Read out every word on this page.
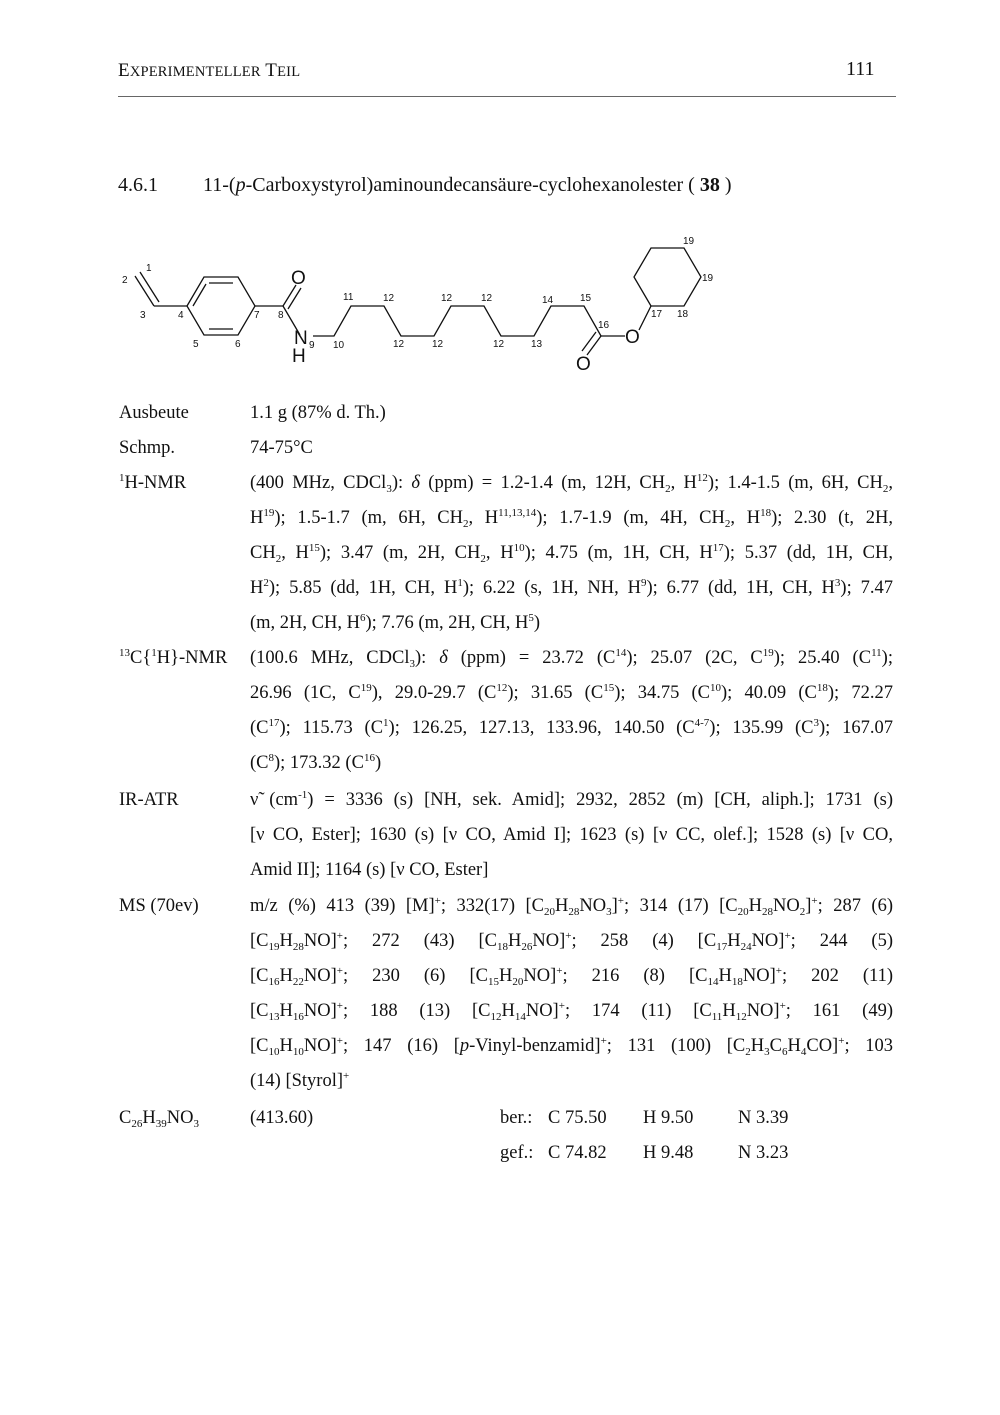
EXPERIMENTELLER TEIL	111
4.6.1 11-(p-Carboxystyrol)aminoundecansäure-cyclohexanolester ( 38 )
O
N
H
O
O
1
2
3	4
5	6
7 8
9 10
11	12	12	12
12	12	12	13
14	15
16
17 18
19
19
Ausbeute	1.1 g (87% d. Th.)
Schmp.	74-75°C
$^1$H-NMR	(400 MHz, CDCl$_3$): δ (ppm) = 1.2-1.4 (m, 12H, $CH_2$, $H^{12}$); 1.4-1.5 (m, 6H, $CH_2$,
$H^{19}$); 1.5-1.7 (m, 6H, $CH_2$, H$^{11,13,14}$); 1.7-1.9 (m, 4H, $CH_2$, $H^{18}$); 2.30 (t, 2H,
$CH_2$, $H^{15}$); 3.47 (m, 2H, $CH_2$, $H^{10}$); 4.75 (m, 1H, CH, $H^{17}$); 5.37 (dd, 1H, CH,
$H^2$); 5.85 (dd, 1H, CH, $H^1$); 6.22 (s, 1H, NH, $H^9$); 6.77 (dd, 1H, CH, $H^3$); 7.47
(m, 2H, CH, $H^6$); 7.76 (m, 2H, CH, $H^5$)
$^{13}$C{$^1$H}-NMR (100.6 MHz, CDCl$_3$): δ (ppm) = 23.72 $(C^{14})$; 25.07 (2C, $C^{19}$); 25.40 $(C^{11})$;
26.96 (1C, $C^{19}$), 29.0-29.7 $(C^{12})$; 31.65 $(C^{15})$; 34.75 $(C^{10})$; 40.09 $(C^{18})$; 72.27
$(C^{17})$; 115.73 $(C^1)$; 126.25, 127.13, 133.96, 140.50 $(C^{4-7})$; 135.99 $(C^3)$; 167.07
$(C^8)$; 173.32 $(C^{16})$
IR-ATR	ν̃ $(cm^{-1}) = 3336$ (s) [NH, sek. Amid]; 2932, 2852 (m) [CH, aliph.]; 1731 (s)
[ν CO, Ester]; 1630 (s) [ν CO, Amid I]; 1623 (s) [ν CC, olef.]; 1528 (s) [ν CO,
Amid II]; 1164 (s) [ν CO, Ester]
MS (70ev)	m/z (%) 413 (39) [M]+; 332(17) $[C_{20}H_{28}NO_3]^+$; 314 (17) $[C_{20}H_{28}NO_2]^+$; 287 (6)
$[C_{19}H_{28}NO]^+$; 272 (43) $[C_{18}H_{26}NO]^+$; 258 (4) $[C_{17}H_{24}NO]^+$; 244 (5)
$[C_{16}H_{22}NO]^+$; 230 (6) $[C_{15}H_{20}NO]^+$; 216 (8) $[C_{14}H_{18}NO]^+$; 202 (11)
$[C_{13}H_{16}NO]^+$; 188 (13) $[C_{12}H_{14}NO]^+$; 174 (11) $[C_{11}H_{12}NO]^+$; 161 (49)
$[C_{10}H_{10}NO]^+$; 147 (16) [p-Vinyl-benzamid]+; 131 (100) $[C_2H_3C_6H_4CO]^+$; 103
(14) [Styrol]+
$C_{26}H_{39}NO_3$	(413.60)	ber.: C 75.50 H 9.50 N 3.39
gef.: C 74.82 H 9.48 N 3.23
